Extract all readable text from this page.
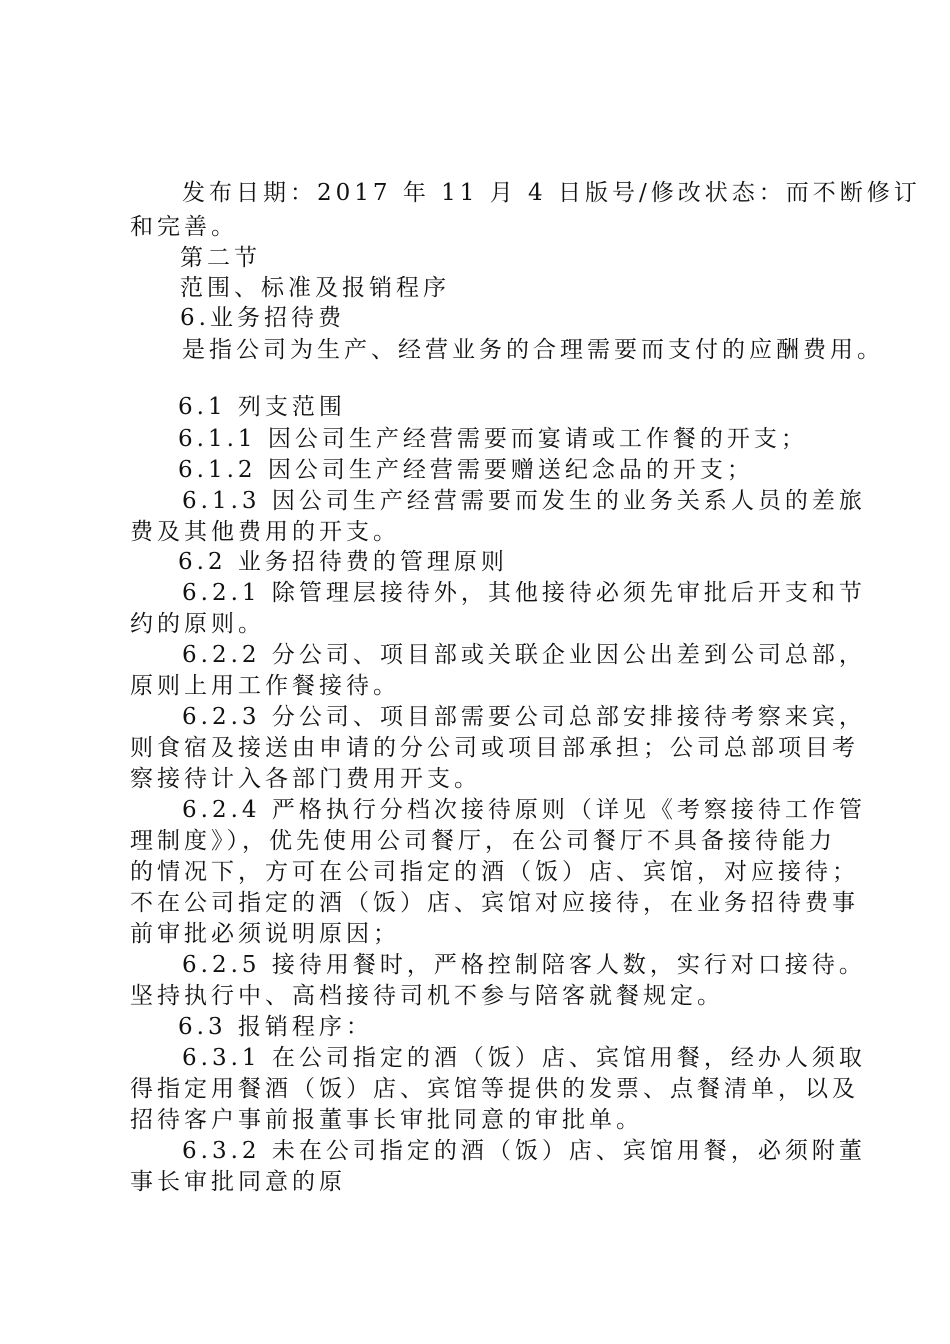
发布日期：2017 年 11 月 4 日版号/修改状态：而不断修订
和完善。
第二节
范围、标准及报销程序
6.业务招待费
是指公司为生产、经营业务的合理需要而支付的应酬费用。
6.1 列支范围
6.1.1 因公司生产经营需要而宴请或工作餐的开支；
6.1.2 因公司生产经营需要赠送纪念品的开支；
6.1.3 因公司生产经营需要而发生的业务关系人员的差旅
费及其他费用的开支。
6.2 业务招待费的管理原则
6.2.1 除管理层接待外，其他接待必须先审批后开支和节
约的原则。
6.2.2 分公司、项目部或关联企业因公出差到公司总部，
原则上用工作餐接待。
6.2.3 分公司、项目部需要公司总部安排接待考察来宾，
则食宿及接送由申请的分公司或项目部承担；公司总部项目考
察接待计入各部门费用开支。
6.2.4 严格执行分档次接待原则（详见《考察接待工作管
理制度》），优先使用公司餐厅，在公司餐厅不具备接待能力
的情况下，方可在公司指定的酒（饭）店、宾馆，对应接待；
不在公司指定的酒（饭）店、宾馆对应接待，在业务招待费事
前审批必须说明原因；
6.2.5 接待用餐时，严格控制陪客人数，实行对口接待。
坚持执行中、高档接待司机不参与陪客就餐规定。
6.3 报销程序：
6.3.1 在公司指定的酒（饭）店、宾馆用餐，经办人须取
得指定用餐酒（饭）店、宾馆等提供的发票、点餐清单，以及
招待客户事前报董事长审批同意的审批单。
6.3.2 未在公司指定的酒（饭）店、宾馆用餐，必须附董
事长审批同意的原
